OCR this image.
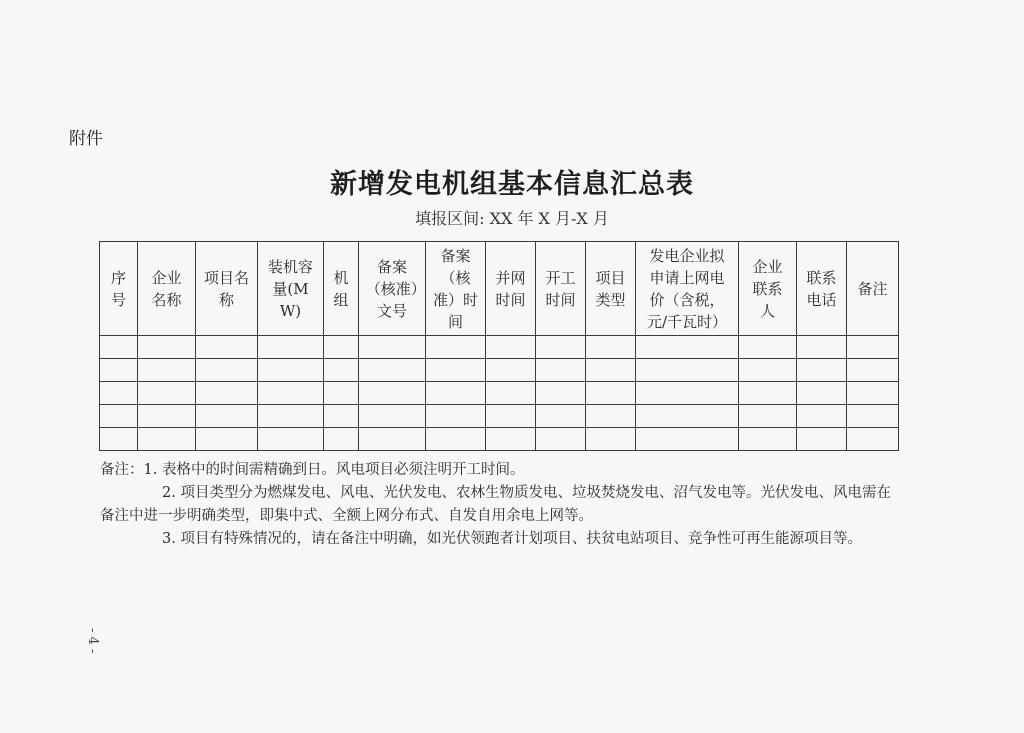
附件
新增发电机组基本信息汇总表
填报区间: XX 年 X 月-X 月
序号	企业名称	项目名称	装机容量(MW)	机组	备案（核准）文号	备案（核准）时间	并网时间	开工时间	项目类型	发电企业拟申请上网电价（含税，元/千瓦时）	企业联系人	联系电话	备注

备注：1. 表格中的时间需精确到日。风电项目必须注明开工时间。

2. 项目类型分为燃煤发电、风电、光伏发电、农林生物质发电、垃圾焚烧发电、沼气发电等。光伏发电、风电需在备注中进一步明确类型，即集中式、全额上网分布式、自发自用余电上网等。

3. 项目有特殊情况的，请在备注中明确，如光伏领跑者计划项目、扶贫电站项目、竞争性可再生能源项目等。

- 4 -
